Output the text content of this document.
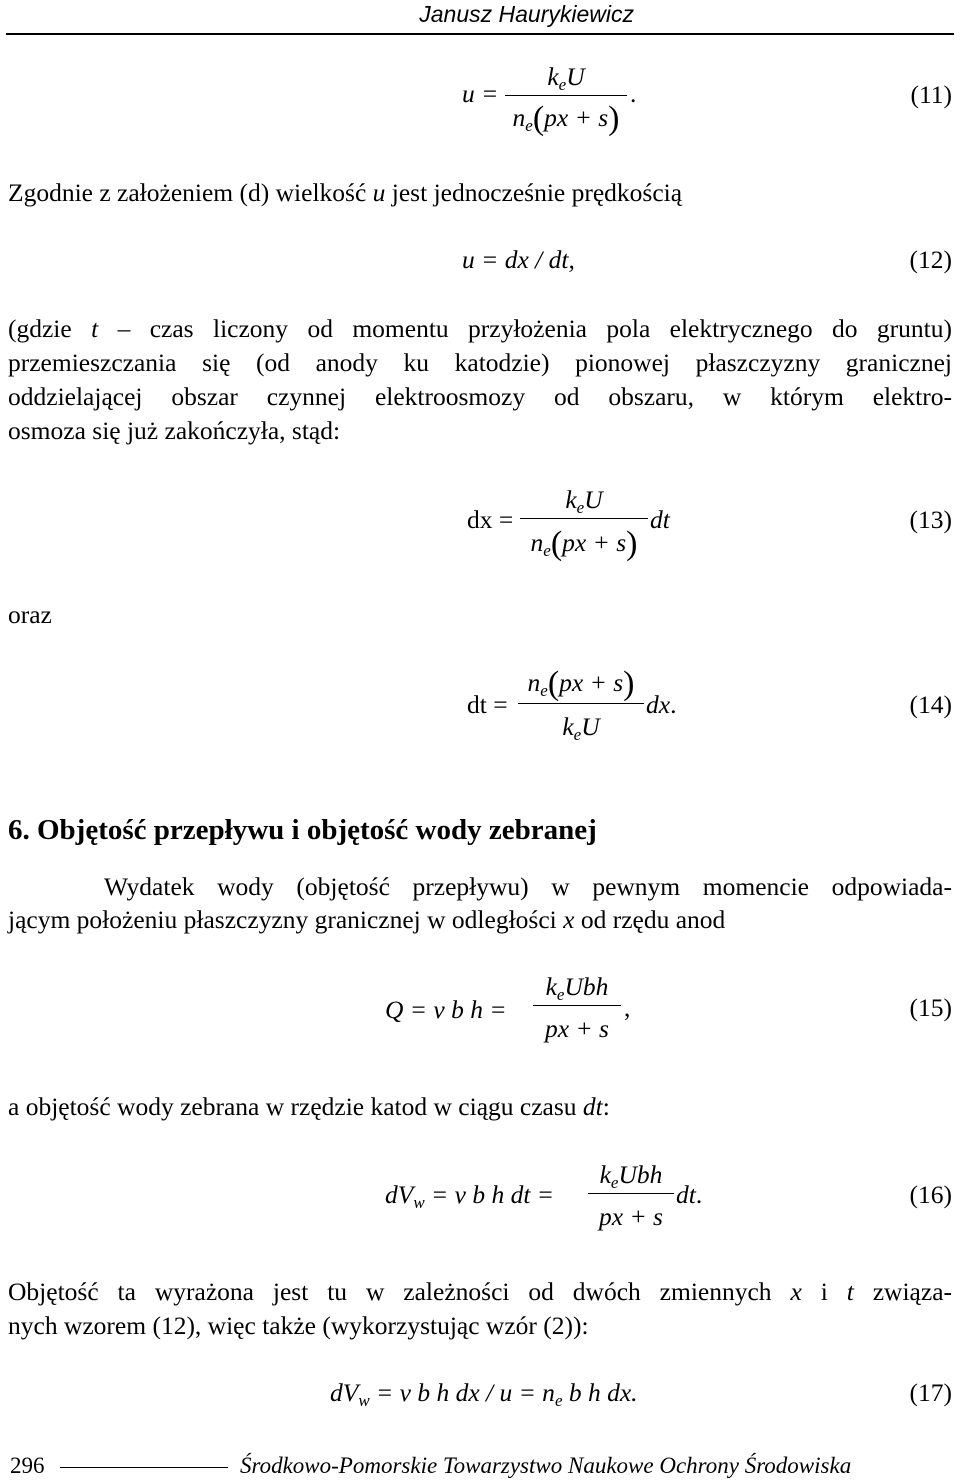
Janusz Haurykiewicz
u =
$k_eU$
$n_e(px + s)$
.	(11)
Zgodnie z założeniem (d) wielkość u jest jednocześnie prędkością
u = dx / dt,	(12)
(gdzie t – czas liczony od momentu przyłożenia pola elektrycznego do gruntu)
przemieszczania się (od anody ku katodzie) pionowej płaszczyzny granicznej
oddzielającej obszar czynnej elektroosmozy od obszaru, w którym elektro-
osmoza się już zakończyła, stąd:
dx =
$k_eU$
$n_e(px + s)$
dt	(13)
oraz
dt =
$n_e(px + s)$
$k_eU$
dx.	(14)
6. Objętość przepływu i objętość wody zebranej
Wydatek wody (objętość przepływu) w pewnym momencie odpowiada-
jącym położeniu płaszczyzny granicznej w odległości x od rzędu anod
Q = v b h =
$k_eUbh$
px + s
,	(15)
a objętość wody zebrana w rzędzie katod w ciągu czasu dt:
$dV_w = v$ b h dt =
$k_eUbh$
px + s
dt.	(16)
Objętość ta wyrażona jest tu w zależności od dwóch zmiennych x i t związa-
nych wzorem (12), więc także (wykorzystując wzór (2)):
$dV_w = v$ b h dx / $u = n_e$ b h dx.	(17)
296	Środkowo-Pomorskie Towarzystwo Naukowe Ochrony Środowiska
